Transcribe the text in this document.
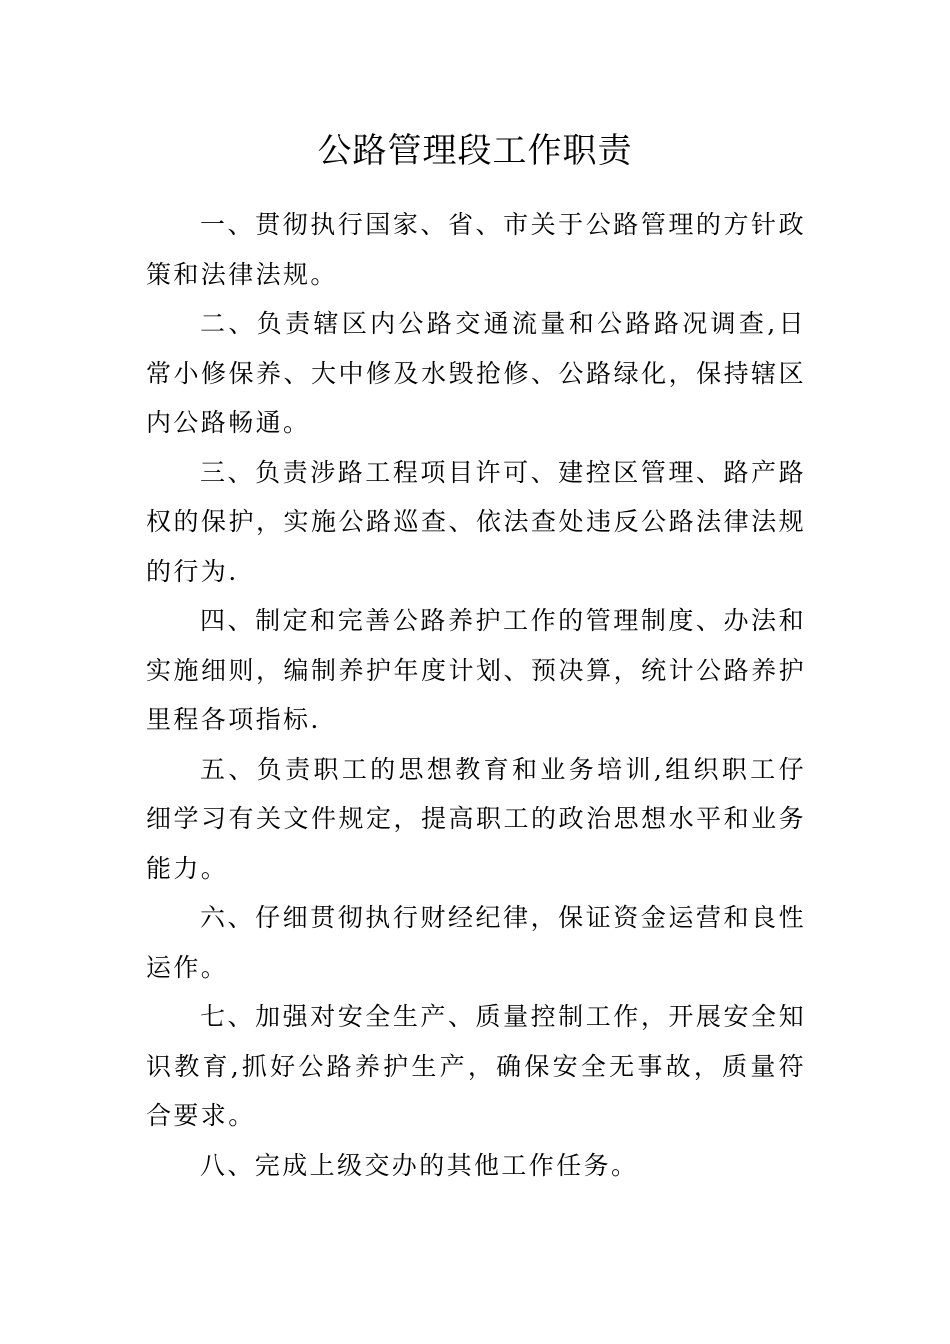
公路管理段工作职责

一、贯彻执行国家、省、市关于公路管理的方针政策和法律法规。

二、负责辖区内公路交通流量和公路路况调查,日常小修保养、大中修及水毁抢修、公路绿化，保持辖区内公路畅通。

三、负责涉路工程项目许可、建控区管理、路产路权的保护，实施公路巡查、依法查处违反公路法律法规的行为.

四、制定和完善公路养护工作的管理制度、办法和实施细则，编制养护年度计划、预决算，统计公路养护里程各项指标.

五、负责职工的思想教育和业务培训,组织职工仔细学习有关文件规定，提高职工的政治思想水平和业务能力。

六、仔细贯彻执行财经纪律，保证资金运营和良性运作。

七、加强对安全生产、质量控制工作，开展安全知识教育,抓好公路养护生产，确保安全无事故，质量符合要求。

八、完成上级交办的其他工作任务。
